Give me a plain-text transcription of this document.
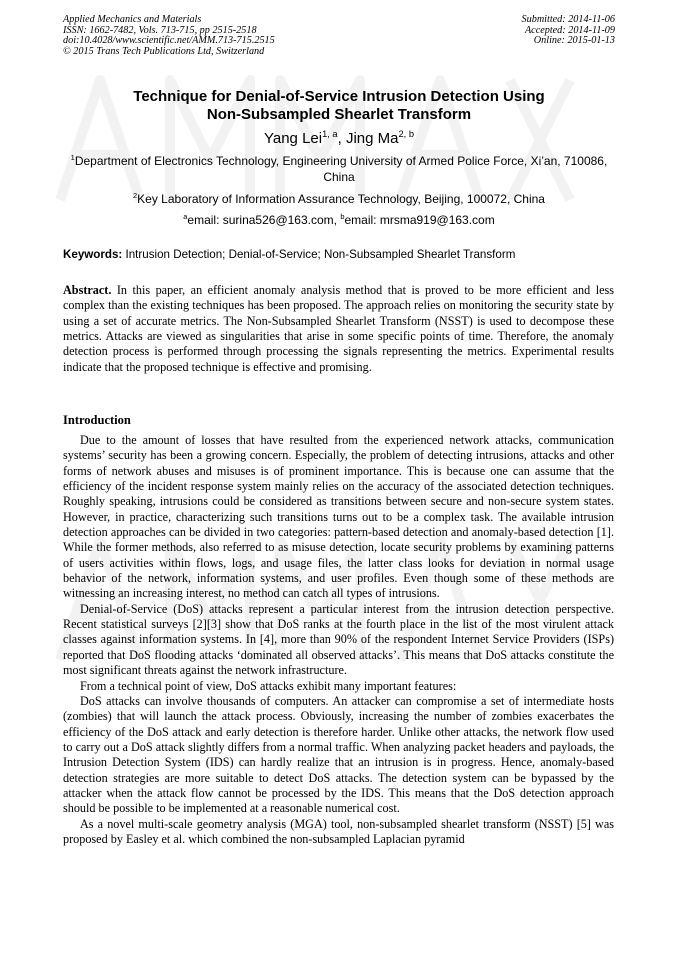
Applied Mechanics and Materials
ISSN: 1662-7482, Vols. 713-715, pp 2515-2518
doi:10.4028/www.scientific.net/AMM.713-715.2515
© 2015 Trans Tech Publications Ltd, Switzerland
Submitted: 2014-11-06
Accepted: 2014-11-09
Online: 2015-01-13
Technique for Denial-of-Service Intrusion Detection Using
Non-Subsampled Shearlet Transform
Yang Lei$^{1, a}$, Jing Ma$^{2, b}$
$^1$Department of Electronics Technology, Engineering University of Armed Police Force, Xi’an, 710086, China
$^2$Key Laboratory of Information Assurance Technology, Beijing, 100072, China
$^a$email: surina526@163.com, $^b$email: mrsma919@163.com
Keywords: Intrusion Detection; Denial-of-Service; Non-Subsampled Shearlet Transform
Abstract. In this paper, an efficient anomaly analysis method that is proved to be more efficient and less complex than the existing techniques has been proposed. The approach relies on monitoring the security state by using a set of accurate metrics. The Non-Subsampled Shearlet Transform (NSST) is used to decompose these metrics. Attacks are viewed as singularities that arise in some specific points of time. Therefore, the anomaly detection process is performed through processing the signals representing the metrics. Experimental results indicate that the proposed technique is effective and promising.
Introduction

Due to the amount of losses that have resulted from the experienced network attacks, communication systems’ security has been a growing concern. Especially, the problem of detecting intrusions, attacks and other forms of network abuses and misuses is of prominent importance. This is because one can assume that the efficiency of the incident response system mainly relies on the accuracy of the associated detection techniques. Roughly speaking, intrusions could be considered as transitions between secure and non-secure system states. However, in practice, characterizing such transitions turns out to be a complex task. The available intrusion detection approaches can be divided in two categories: pattern-based detection and anomaly-based detection [1]. While the former methods, also referred to as misuse detection, locate security problems by examining patterns of users activities within flows, logs, and usage files, the latter class looks for deviation in normal usage behavior of the network, information systems, and user profiles. Even though some of these methods are witnessing an increasing interest, no method can catch all types of intrusions.

Denial-of-Service (DoS) attacks represent a particular interest from the intrusion detection perspective. Recent statistical surveys [2][3] show that DoS ranks at the fourth place in the list of the most virulent attack classes against information systems. In [4], more than 90% of the respondent Internet Service Providers (ISPs) reported that DoS flooding attacks ‘dominated all observed attacks’. This means that DoS attacks constitute the most significant threats against the network infrastructure.

From a technical point of view, DoS attacks exhibit many important features:

DoS attacks can involve thousands of computers. An attacker can compromise a set of intermediate hosts (zombies) that will launch the attack process. Obviously, increasing the number of zombies exacerbates the efficiency of the DoS attack and early detection is therefore harder. Unlike other attacks, the network flow used to carry out a DoS attack slightly differs from a normal traffic. When analyzing packet headers and payloads, the Intrusion Detection System (IDS) can hardly realize that an intrusion is in progress. Hence, anomaly-based detection strategies are more suitable to detect DoS attacks. The detection system can be bypassed by the attacker when the attack flow cannot be processed by the IDS. This means that the DoS detection approach should be possible to be implemented at a reasonable numerical cost.

As a novel multi-scale geometry analysis (MGA) tool, non-subsampled shearlet transform (NSST) [5] was proposed by Easley et al. which combined the non-subsampled Laplacian pyramid
